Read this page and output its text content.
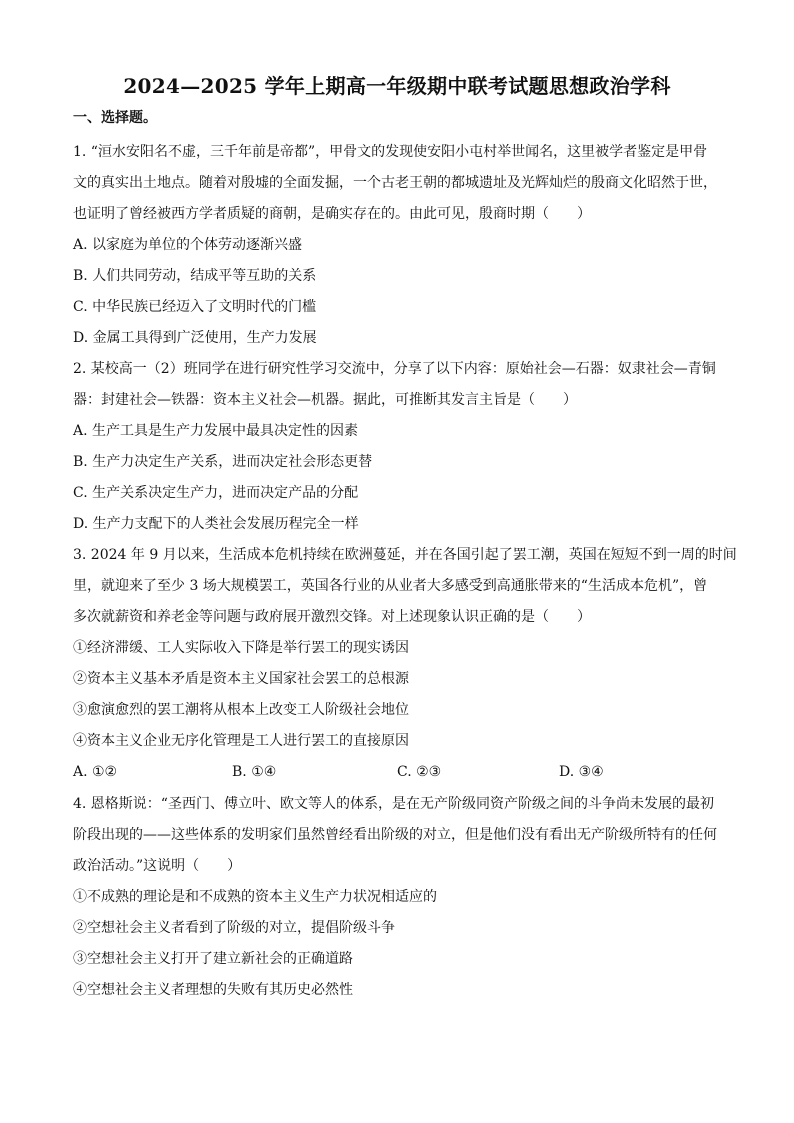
2024—2025 学年上期高一年级期中联考试题思想政治学科
一、选择题。
1. “洹水安阳名不虚，三千年前是帝都”，甲骨文的发现使安阳小屯村举世闻名，这里被学者鉴定是甲骨
文的真实出土地点。随着对殷墟的全面发掘，一个古老王朝的都城遗址及光辉灿烂的殷商文化昭然于世，
也证明了曾经被西方学者质疑的商朝，是确实存在的。由此可见，殷商时期（　　）
A. 以家庭为单位的个体劳动逐渐兴盛
B. 人们共同劳动，结成平等互助的关系
C. 中华民族已经迈入了文明时代的门槛
D. 金属工具得到广泛使用，生产力发展
2. 某校高一（2）班同学在进行研究性学习交流中，分享了以下内容：原始社会—石器：奴隶社会—青铜
器：封建社会—铁器：资本主义社会—机器。据此，可推断其发言主旨是（　　）
A. 生产工具是生产力发展中最具决定性的因素
B. 生产力决定生产关系，进而决定社会形态更替
C. 生产关系决定生产力，进而决定产品的分配
D. 生产力支配下的人类社会发展历程完全一样
3. 2024 年 9 月以来，生活成本危机持续在欧洲蔓延，并在各国引起了罢工潮，英国在短短不到一周的时间
里，就迎来了至少 3 场大规模罢工，英国各行业的从业者大多感受到高通胀带来的“生活成本危机”，曾
多次就薪资和养老金等问题与政府展开激烈交锋。对上述现象认识正确的是（　　）
①经济滞缓、工人实际收入下降是举行罢工的现实诱因
②资本主义基本矛盾是资本主义国家社会罢工的总根源
③愈演愈烈的罢工潮将从根本上改变工人阶级社会地位
④资本主义企业无序化管理是工人进行罢工的直接原因
A. ①②	B. ①④	C. ②③	D. ③④
4. 恩格斯说：“圣西门、傅立叶、欧文等人的体系，是在无产阶级同资产阶级之间的斗争尚未发展的最初
阶段出现的——这些体系的发明家们虽然曾经看出阶级的对立，但是他们没有看出无产阶级所特有的任何
政治活动。”这说明（　　）
①不成熟的理论是和不成熟的资本主义生产力状况相适应的
②空想社会主义者看到了阶级的对立，提倡阶级斗争
③空想社会主义打开了建立新社会的正确道路
④空想社会主义者理想的失败有其历史必然性
